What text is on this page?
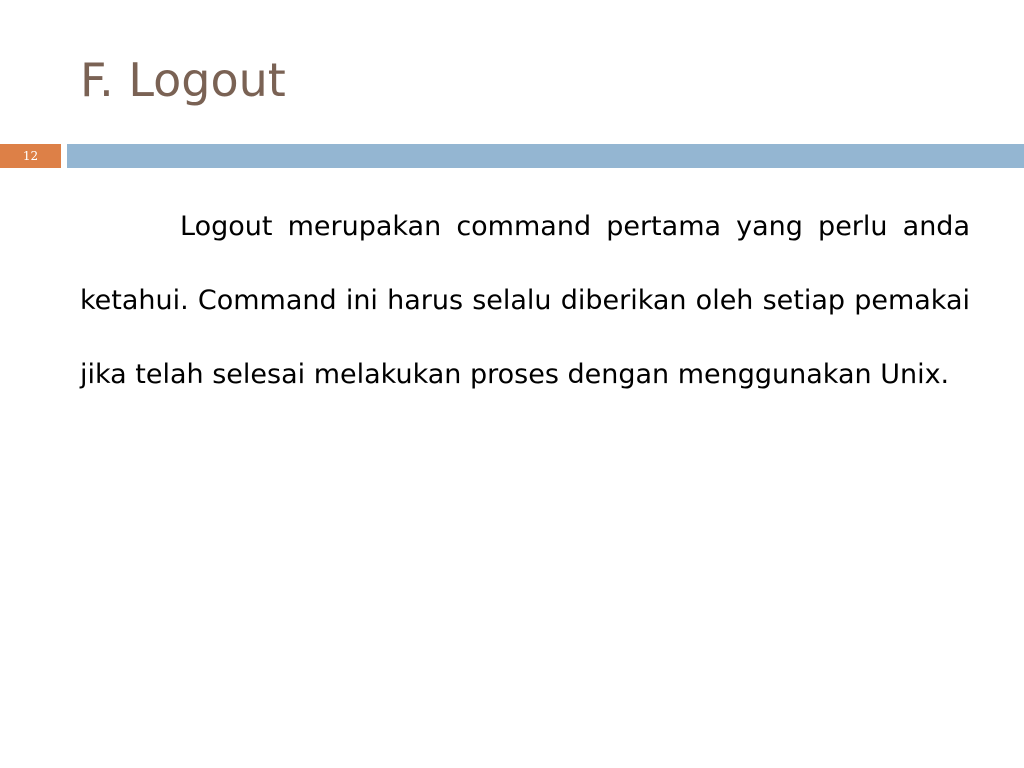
F. Logout
12

Logout merupakan command pertama yang perlu anda ketahui. Command ini harus selalu diberikan oleh setiap pemakai jika telah selesai melakukan proses dengan menggunakan Unix.
